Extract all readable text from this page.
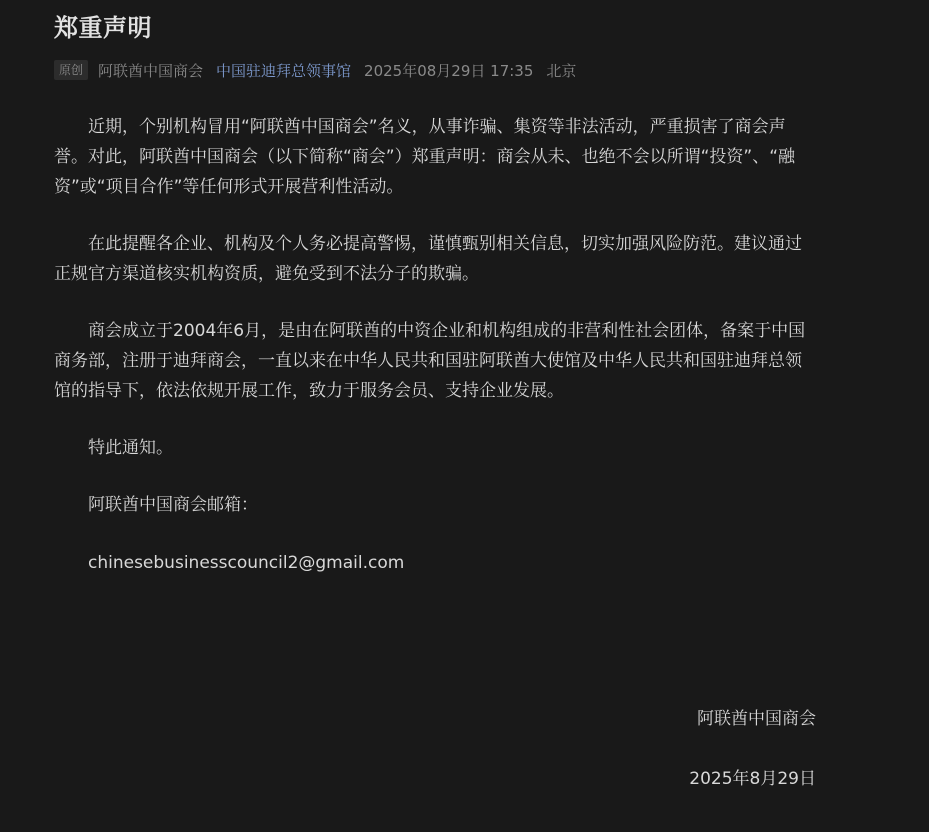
郑重声明
原创	阿联酋中国商会 中国驻迪拜总领事馆 2025年08月29日 17:35 北京

近期，个别机构冒用“阿联酋中国商会”名义，从事诈骗、集资等非法活动，严重损害了商会声誉。对此，阿联酋中国商会（以下简称“商会”）郑重声明：商会从未、也绝不会以所谓“投资”、“融资”或“项目合作”等任何形式开展营利性活动。

在此提醒各企业、机构及个人务必提高警惕，谨慎甄别相关信息，切实加强风险防范。建议通过正规官方渠道核实机构资质，避免受到不法分子的欺骗。

商会成立于2004年6月，是由在阿联酋的中资企业和机构组成的非营利性社会团体，备案于中国商务部，注册于迪拜商会，一直以来在中华人民共和国驻阿联酋大使馆及中华人民共和国驻迪拜总领馆的指导下，依法依规开展工作，致力于服务会员、支持企业发展。

特此通知。

阿联酋中国商会邮箱：

chinesebusinesscouncil2@gmail.com

阿联酋中国商会
2025年8月29日
